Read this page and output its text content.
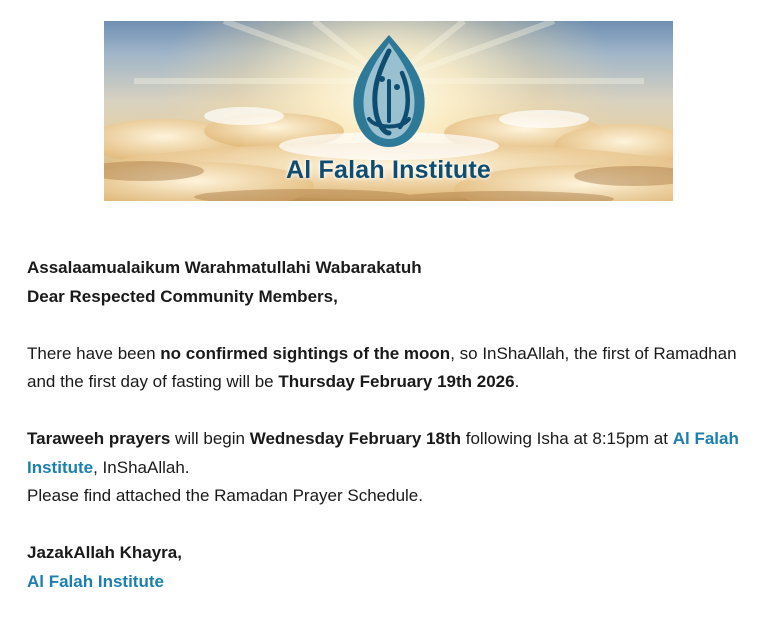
Al Falah Institute

Assalaamualaikum Warahmatullahi Wabarakatuh

Dear Respected Community Members,

There have been no confirmed sightings of the moon, so InShaAllah, the first of Ramadhan and the first day of fasting will be Thursday February 19th 2026.

Taraweeh prayers will begin Wednesday February 18th following Isha at 8:15pm at Al Falah Institute, InShaAllah.

Please find attached the Ramadan Prayer Schedule.

JazakAllah Khayra,

Al Falah Institute
